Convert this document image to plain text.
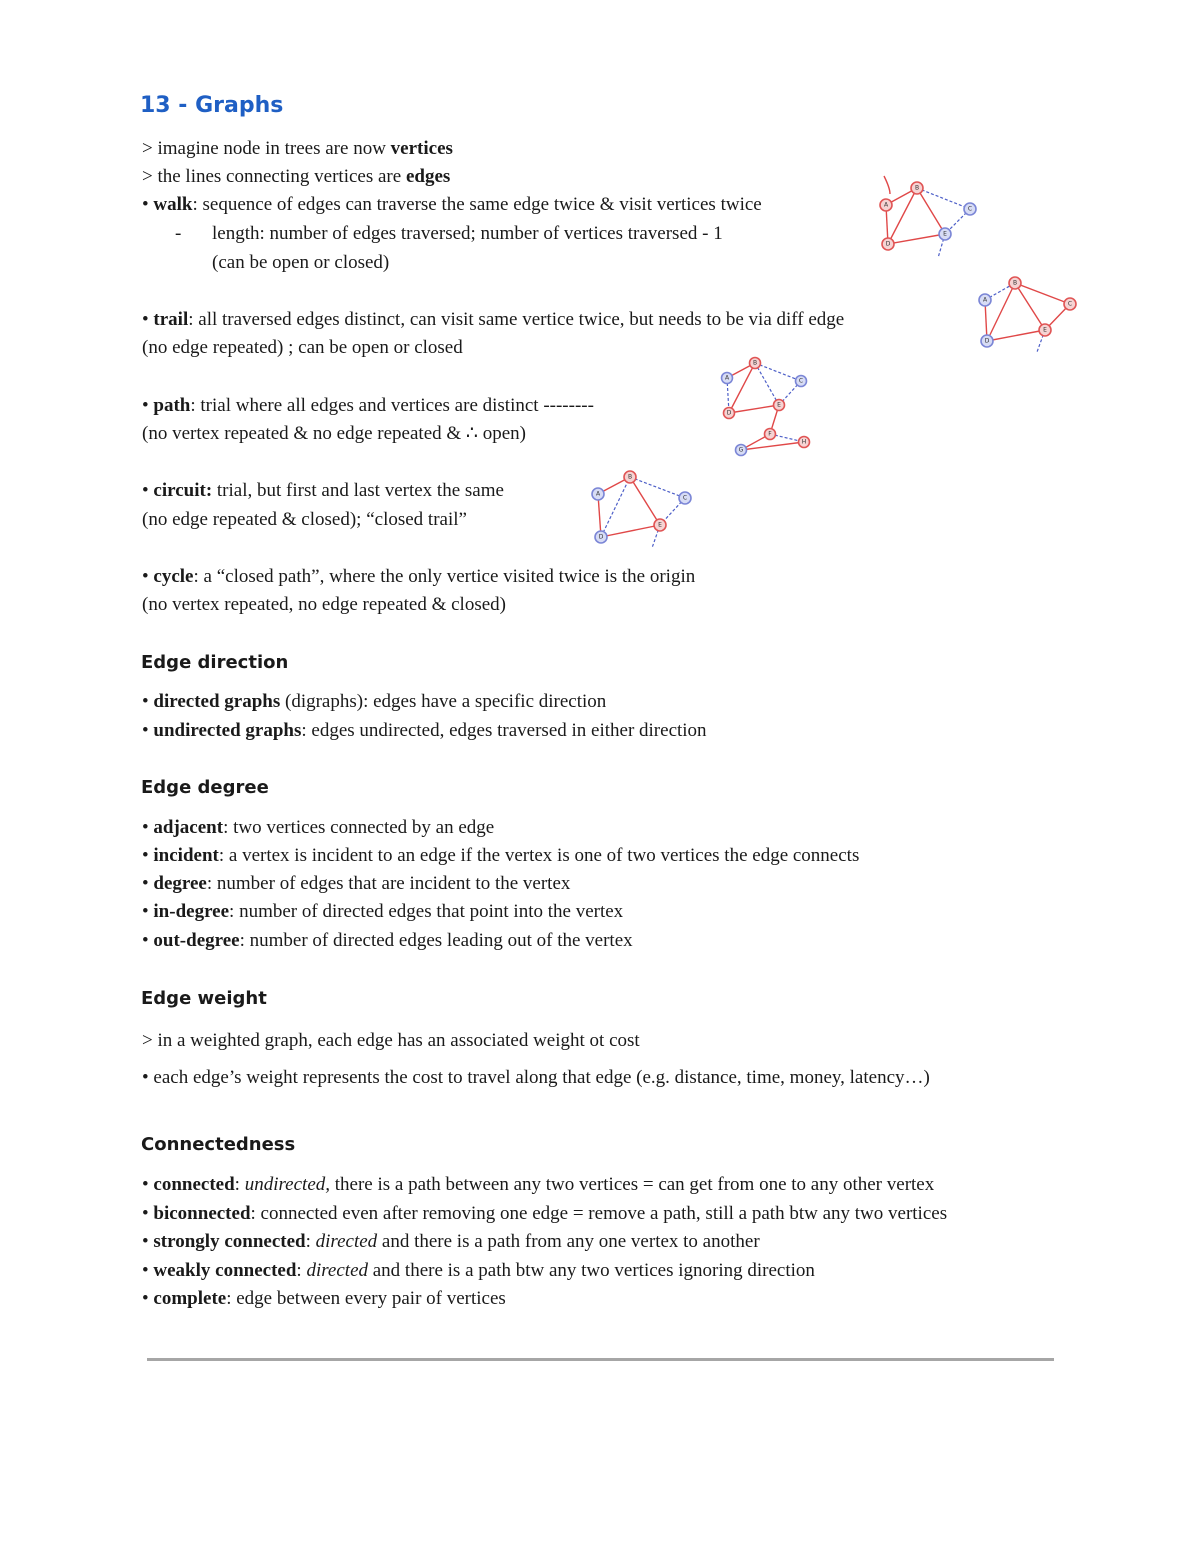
13 - Graphs
> imagine node in trees are now vertices
> the lines connecting vertices are edges
• walk: sequence of edges can traverse the same edge twice & visit vertices twice
- length: number of edges traversed; number of vertices traversed - 1
(can be open or closed)
• trail: all traversed edges distinct, can visit same vertice twice, but needs to be via diff edge
(no edge repeated) ; can be open or closed
• path: trial where all edges and vertices are distinct --------
(no vertex repeated & no edge repeated & ∴ open)
• circuit: trial, but first and last vertex the same
(no edge repeated & closed); “closed trail”
• cycle: a “closed path”, where the only vertice visited twice is the origin
(no vertex repeated, no edge repeated & closed)
Edge direction
• directed graphs (digraphs): edges have a specific direction
• undirected graphs: edges undirected, edges traversed in either direction
Edge degree
• adjacent: two vertices connected by an edge
• incident: a vertex is incident to an edge if the vertex is one of two vertices the edge connects
• degree: number of edges that are incident to the vertex
• in-degree: number of directed edges that point into the vertex
• out-degree: number of directed edges leading out of the vertex
Edge weight
> in a weighted graph, each edge has an associated weight ot cost
• each edge’s weight represents the cost to travel along that edge (e.g. distance, time, money, latency…)
Connectedness
• connected: undirected, there is a path between any two vertices = can get from one to any other vertex
• biconnected: connected even after removing one edge = remove a path, still a path btw any two vertices
• strongly connected: directed and there is a path from any one vertex to another
• weakly connected: directed and there is a path btw any two vertices ignoring direction
• complete: edge between every pair of vertices
A
B
C
D
E
A
B
C
D
E
A
B
C
D
E
F
G
H
A
B
C
D
E
